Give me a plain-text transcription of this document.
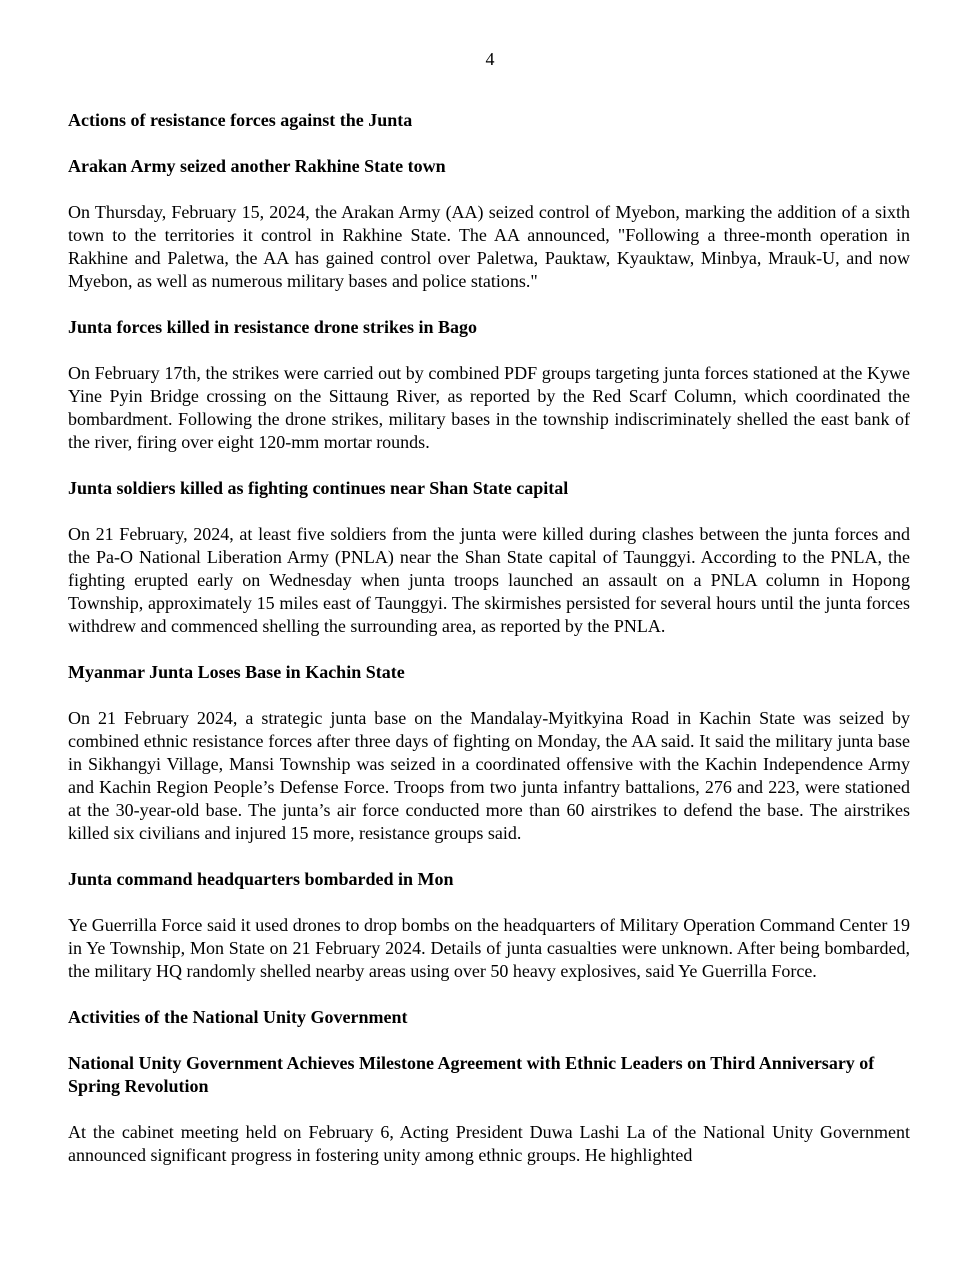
4
Actions of resistance forces against the Junta
Arakan Army seized another Rakhine State town

On Thursday, February 15, 2024, the Arakan Army (AA) seized control of Myebon, marking the addition of a sixth town to the territories it control in Rakhine State. The AA announced, "Following a three-month operation in Rakhine and Paletwa, the AA has gained control over Paletwa, Pauktaw, Kyauktaw, Minbya, Mrauk-U, and now Myebon, as well as numerous military bases and police stations."

Junta forces killed in resistance drone strikes in Bago

On February 17th, the strikes were carried out by combined PDF groups targeting junta forces stationed at the Kywe Yine Pyin Bridge crossing on the Sittaung River, as reported by the Red Scarf Column, which coordinated the bombardment. Following the drone strikes, military bases in the township indiscriminately shelled the east bank of the river, firing over eight 120-mm mortar rounds.

Junta soldiers killed as fighting continues near Shan State capital

On 21 February, 2024, at least five soldiers from the junta were killed during clashes between the junta forces and the Pa-O National Liberation Army (PNLA) near the Shan State capital of Taunggyi. According to the PNLA, the fighting erupted early on Wednesday when junta troops launched an assault on a PNLA column in Hopong Township, approximately 15 miles east of Taunggyi. The skirmishes persisted for several hours until the junta forces withdrew and commenced shelling the surrounding area, as reported by the PNLA.

Myanmar Junta Loses Base in Kachin State

On 21 February 2024, a strategic junta base on the Mandalay-Myitkyina Road in Kachin State was seized by combined ethnic resistance forces after three days of fighting on Monday, the AA said. It said the military junta base in Sikhangyi Village, Mansi Township was seized in a coordinated offensive with the Kachin Independence Army and Kachin Region People’s Defense Force. Troops from two junta infantry battalions, 276 and 223, were stationed at the 30-year-old base. The junta’s air force conducted more than 60 airstrikes to defend the base. The airstrikes killed six civilians and injured 15 more, resistance groups said.

Junta command headquarters bombarded in Mon

Ye Guerrilla Force said it used drones to drop bombs on the headquarters of Military Operation Command Center 19 in Ye Township, Mon State on 21 February 2024. Details of junta casualties were unknown. After being bombarded, the military HQ randomly shelled nearby areas using over 50 heavy explosives, said Ye Guerrilla Force.

Activities of the National Unity Government
National Unity Government Achieves Milestone Agreement with Ethnic Leaders on Third Anniversary of Spring Revolution

At the cabinet meeting held on February 6, Acting President Duwa Lashi La of the National Unity Government announced significant progress in fostering unity among ethnic groups. He highlighted
